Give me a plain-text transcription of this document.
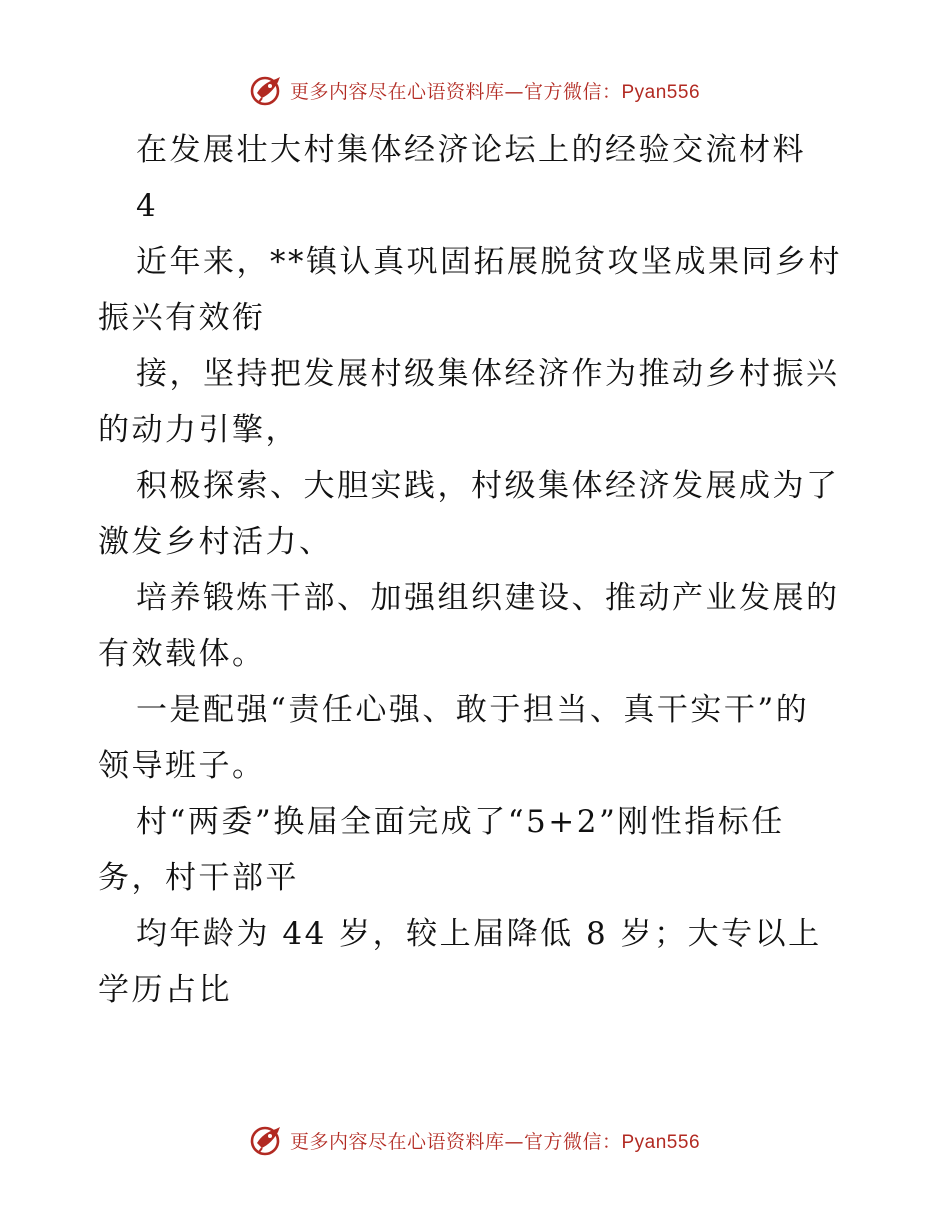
更多内容尽在心语资料库—官方微信：Pyan556
在发展壮大村集体经济论坛上的经验交流材料
4
近年来，**镇认真巩固拓展脱贫攻坚成果同乡村
振兴有效衔
接，坚持把发展村级集体经济作为推动乡村振兴
的动力引擎，
积极探索、大胆实践，村级集体经济发展成为了
激发乡村活力、
培养锻炼干部、加强组织建设、推动产业发展的
有效载体。
一是配强“责任心强、敢于担当、真干实干”的
领导班子。
村“两委”换届全面完成了“5+2”刚性指标任
务，村干部平
均年龄为 44 岁，较上届降低 8 岁；大专以上
学历占比
更多内容尽在心语资料库—官方微信：Pyan556
